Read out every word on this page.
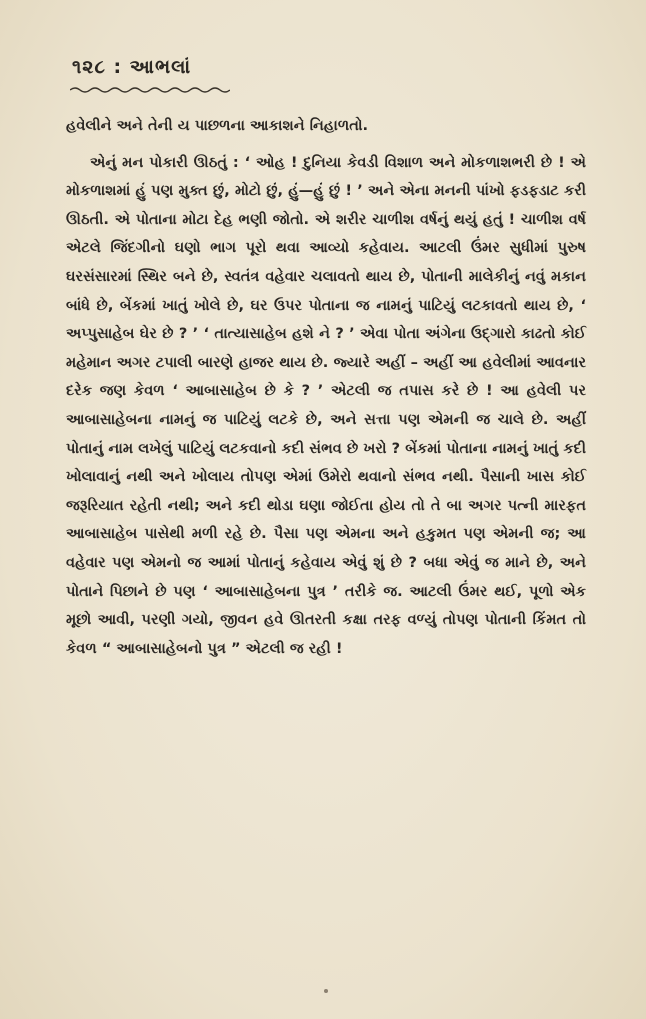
૧૨૮ : આભલાં

હવેલીને અને તેની ય પાછળના આકાશને નિહાળતો.

એનું મન પોકારી ઊઠતું : ‘ ઓહ ! દુનિયા કેવડી વિશાળ અને મોકળાશભરી છે ! એ મોકળાશમાં હું પણ મુક્ત છું, મોટો છું, હું—હું છું ! ’ અને એના મનની પાંખો ફડફડાટ કરી ઊઠતી. એ પોતાના મોટા દેહ ભણી જોતો. એ શરીર ચાળીશ વર્ષનું થયું હતું ! ચાળીશ વર્ષ એટલે જિંદગીનો ઘણો ભાગ પૂરો થવા આવ્યો કહેવાય. આટલી ઉંમર સુધીમાં પુરુષ ઘરસંસારમાં સ્થિર બને છે, સ્વતંત્ર વહેવાર ચલાવતો થાય છે, પોતાની માલેકીનું નવું મકાન બાંધે છે, બેંકમાં ખાતું ખોલે છે, ઘર ઉપર પોતાના જ નામનું પાટિયું લટકાવતો થાય છે, ‘ અપ્પુસાહેબ ઘેર છે ? ’ ‘ તાત્યાસાહેબ હશે ને ? ’ એવા પોતા અંગેના ઉદ્ગારો કાઢતો કોઈ મહેમાન અગર ટપાલી બારણે હાજર થાય છે. જ્યારે અહીં – અહીં આ હવેલીમાં આવનાર દરેક જણ કેવળ ‘ આબાસાહેબ છે કે ? ’ એટલી જ તપાસ કરે છે ! આ હવેલી પર આબાસાહેબના નામનું જ પાટિયું લટકે છે, અને સત્તા પણ એમની જ ચાલે છે. અહીં પોતાનું નામ લખેલું પાટિયું લટકવાનો કદી સંભવ છે ખરો ? બેંકમાં પોતાના નામનું ખાતું કદી ખોલાવાનું નથી અને ખોલાય તોપણ એમાં ઉમેરો થવાનો સંભવ નથી. પૈસાની ખાસ કોઈ જરૂરિયાત રહેતી નથી; અને કદી થોડા ઘણા જોઈતા હોય તો તે બા અગર પત્ની મારફત આબાસાહેબ પાસેથી મળી રહે છે. પૈસા પણ એમના અને હકુમત પણ એમની જ; આ વહેવાર પણ એમનો જ આમાં પોતાનું કહેવાય એવું શું છે ? બધા એવું જ માને છે, અને પોતાને પિછાને છે પણ ‘ આબાસાહેબના પુત્ર ’ તરીકે જ. આટલી ઉંમર થઈ, પૂળો એક મૂછો આવી, પરણી ગયો, જીવન હવે ઊતરતી કક્ષા તરફ વળ્યું તોપણ પોતાની કિંમત તો કેવળ “ આબાસાહેબનો પુત્ર ” એટલી જ રહી !
